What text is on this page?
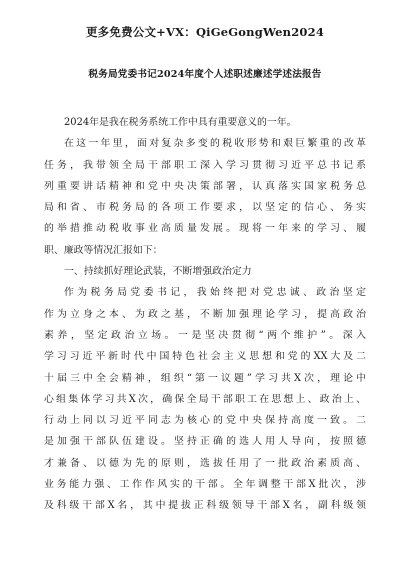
更多免费公文+VX：QiGeGongWen2024
税务局党委书记2024年度个人述职述廉述学述法报告
2024年是我在税务系统工作中具有重要意义的一年。
在这一年里，面对复杂多变的税收形势和艰巨繁重的改革
任务，我带领全局干部职工深入学习贯彻习近平总书记系
列重要讲话精神和党中央决策部署，认真落实国家税务总
局和省、市税务局的各项工作要求，以坚定的信心、务实
的举措推动税收事业高质量发展。现将一年来的学习、履
职、廉政等情况汇报如下：
一、持续抓好理论武装，不断增强政治定力
作为税务局党委书记，我始终把对党忠诚、政治坚定
作为立身之本、为政之基，不断加强理论学习，提高政治
素养，坚定政治立场。一是坚决贯彻“两个维护”。深入
学习习近平新时代中国特色社会主义思想和党的XX大及二
十届三中全会精神，组织“第一议题”学习共X次，理论中
心组集体学习共X次，确保全局干部职工在思想上、政治上、
行动上同以习近平同志为核心的党中央保持高度一致。二
是加强干部队伍建设。坚持正确的选人用人导向，按照德
才兼备、以德为先的原则，选拔任用了一批政治素质高、
业务能力强、工作作风实的干部。全年调整干部X批次，涉
及科级干部X名，其中提拔正科级领导干部X名，副科级领
